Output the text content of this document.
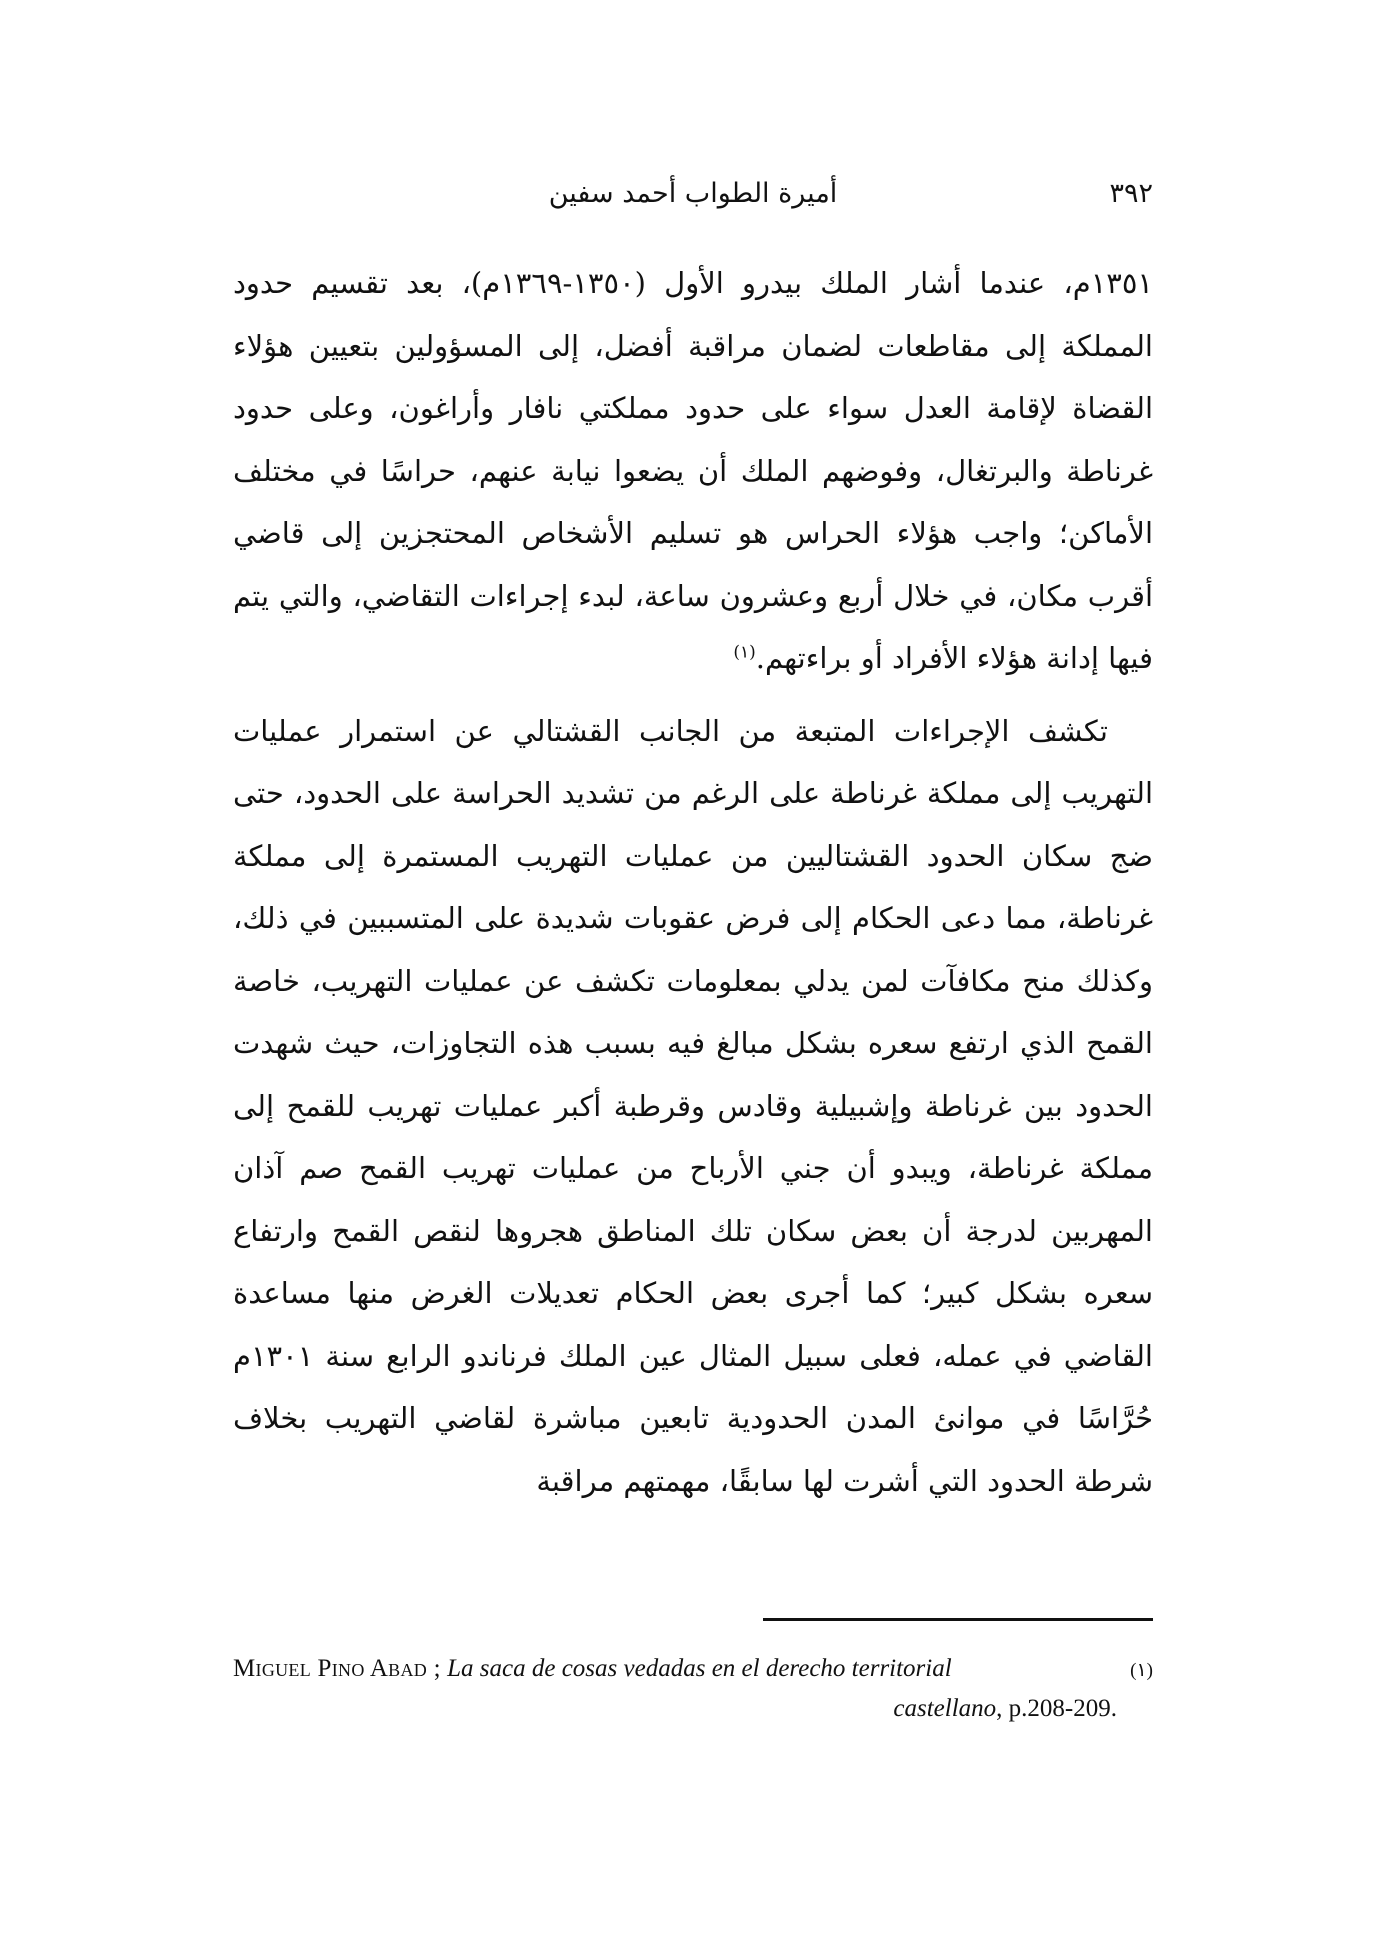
٣٩٢
أميرة الطواب أحمد سفين

١٣٥١م، عندما أشار الملك بيدرو الأول (١٣٥٠-١٣٦٩م)، بعد تقسيم حدود المملكة إلى مقاطعات لضمان مراقبة أفضل، إلى المسؤولين بتعيين هؤلاء القضاة لإقامة العدل سواء على حدود مملكتي نافار وأراغون، وعلى حدود غرناطة والبرتغال، وفوضهم الملك أن يضعوا نيابة عنهم، حراسًا في مختلف الأماكن؛ واجب هؤلاء الحراس هو تسليم الأشخاص المحتجزين إلى قاضي أقرب مكان، في خلال أربع وعشرون ساعة، لبدء إجراءات التقاضي، والتي يتم فيها إدانة هؤلاء الأفراد أو براءتهم.$^{(١)}$

تكشف الإجراءات المتبعة من الجانب القشتالي عن استمرار عمليات التهريب إلى مملكة غرناطة على الرغم من تشديد الحراسة على الحدود، حتى ضج سكان الحدود القشتاليين من عمليات التهريب المستمرة إلى مملكة غرناطة، مما دعى الحكام إلى فرض عقوبات شديدة على المتسببين في ذلك، وكذلك منح مكافآت لمن يدلي بمعلومات تكشف عن عمليات التهريب، خاصة القمح الذي ارتفع سعره بشكل مبالغ فيه بسبب هذه التجاوزات، حيث شهدت الحدود بين غرناطة وإشبيلية وقادس وقرطبة أكبر عمليات تهريب للقمح إلى مملكة غرناطة، ويبدو أن جني الأرباح من عمليات تهريب القمح صم آذان المهربين لدرجة أن بعض سكان تلك المناطق هجروها لنقص القمح وارتفاع سعره بشكل كبير؛ كما أجرى بعض الحكام تعديلات الغرض منها مساعدة القاضي في عمله، فعلى سبيل المثال عين الملك فرناندو الرابع سنة ١٣٠١م حُرَّاسًا في موانئ المدن الحدودية تابعين مباشرة لقاضي التهريب بخلاف شرطة الحدود التي أشرت لها سابقًا، مهمتهم مراقبة

Miguel Pino Abad ; La saca de cosas vedadas en el derecho territorial	(١)
castellano, p.208-209.
